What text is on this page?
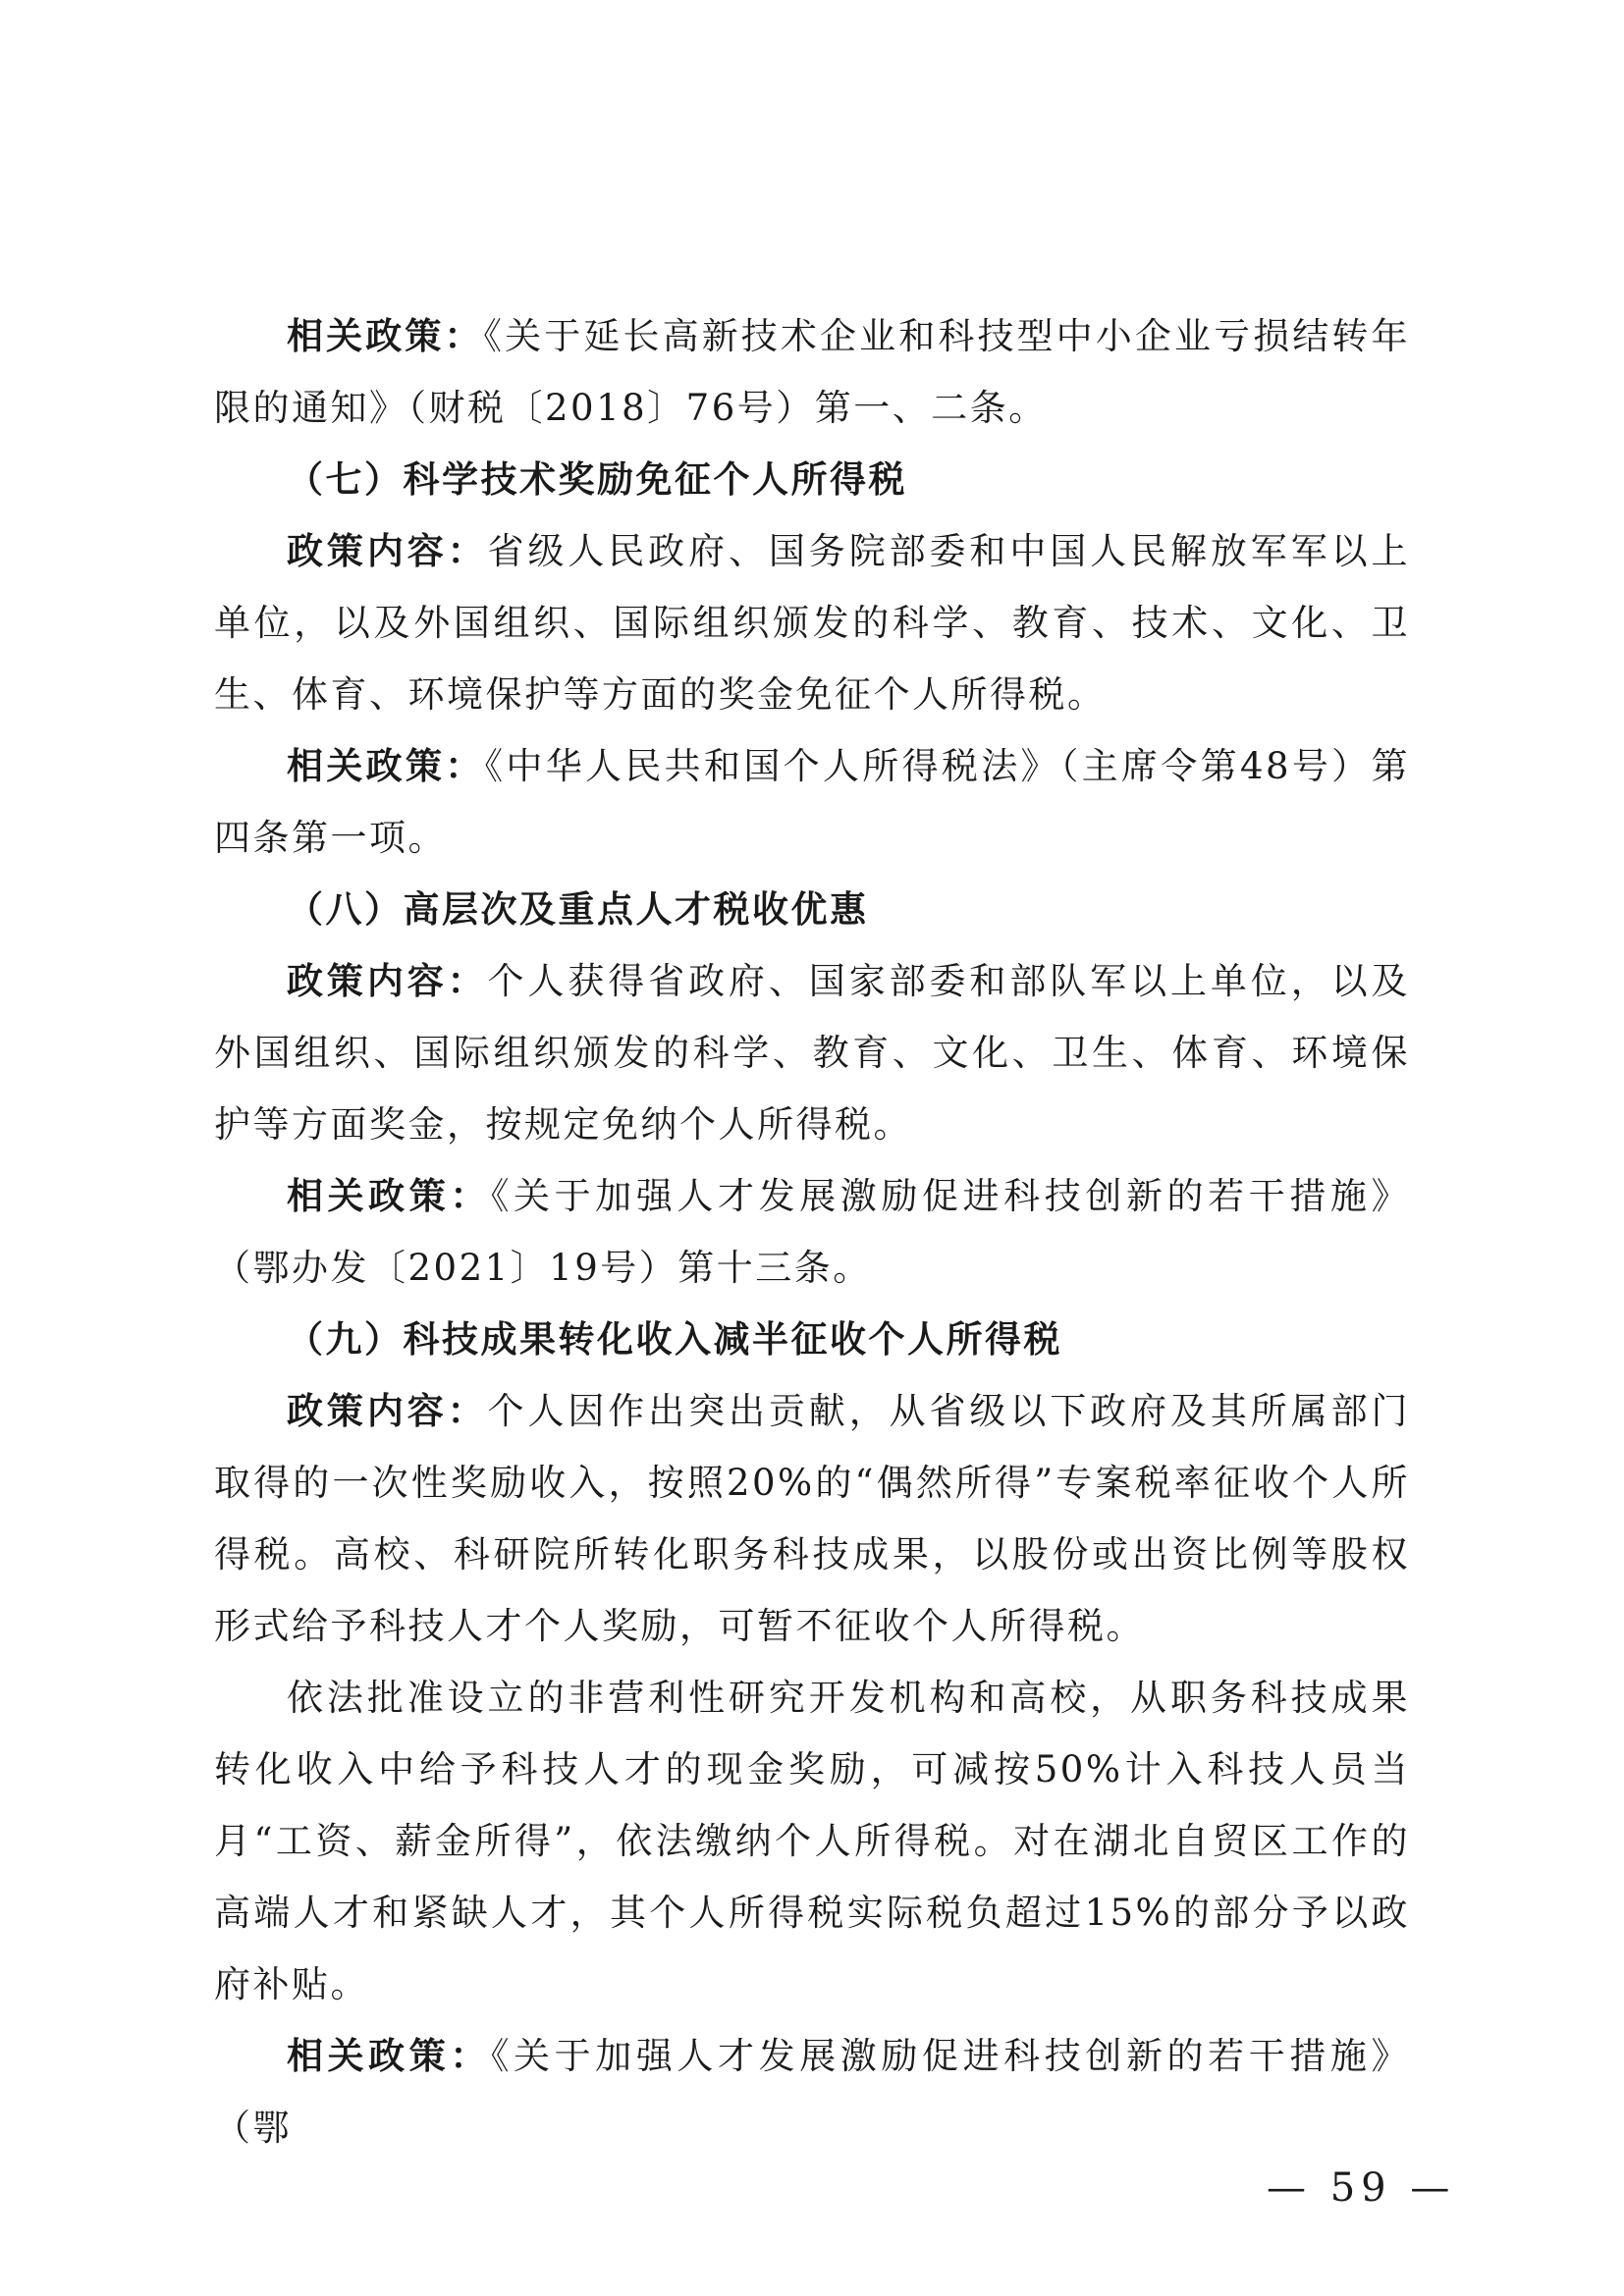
相关政策：《关于延长高新技术企业和科技型中小企业亏损结转年限的通知》（财税〔2018〕76号）第一、二条。

（七）科学技术奖励免征个人所得税

政策内容：省级人民政府、国务院部委和中国人民解放军军以上单位，以及外国组织、国际组织颁发的科学、教育、技术、文化、卫生、体育、环境保护等方面的奖金免征个人所得税。

相关政策：《中华人民共和国个人所得税法》（主席令第48号）第四条第一项。

（八）高层次及重点人才税收优惠

政策内容：个人获得省政府、国家部委和部队军以上单位，以及外国组织、国际组织颁发的科学、教育、文化、卫生、体育、环境保护等方面奖金，按规定免纳个人所得税。

相关政策：《关于加强人才发展激励促进科技创新的若干措施》（鄂办发〔2021〕19号）第十三条。

（九）科技成果转化收入减半征收个人所得税

政策内容：个人因作出突出贡献，从省级以下政府及其所属部门取得的一次性奖励收入，按照20%的“偶然所得”专案税率征收个人所得税。高校、科研院所转化职务科技成果，以股份或出资比例等股权形式给予科技人才个人奖励，可暂不征收个人所得税。

依法批准设立的非营利性研究开发机构和高校，从职务科技成果转化收入中给予科技人才的现金奖励，可减按50%计入科技人员当月“工资、薪金所得”，依法缴纳个人所得税。对在湖北自贸区工作的高端人才和紧缺人才，其个人所得税实际税负超过15%的部分予以政府补贴。

相关政策：《关于加强人才发展激励促进科技创新的若干措施》（鄂

— 59 —
